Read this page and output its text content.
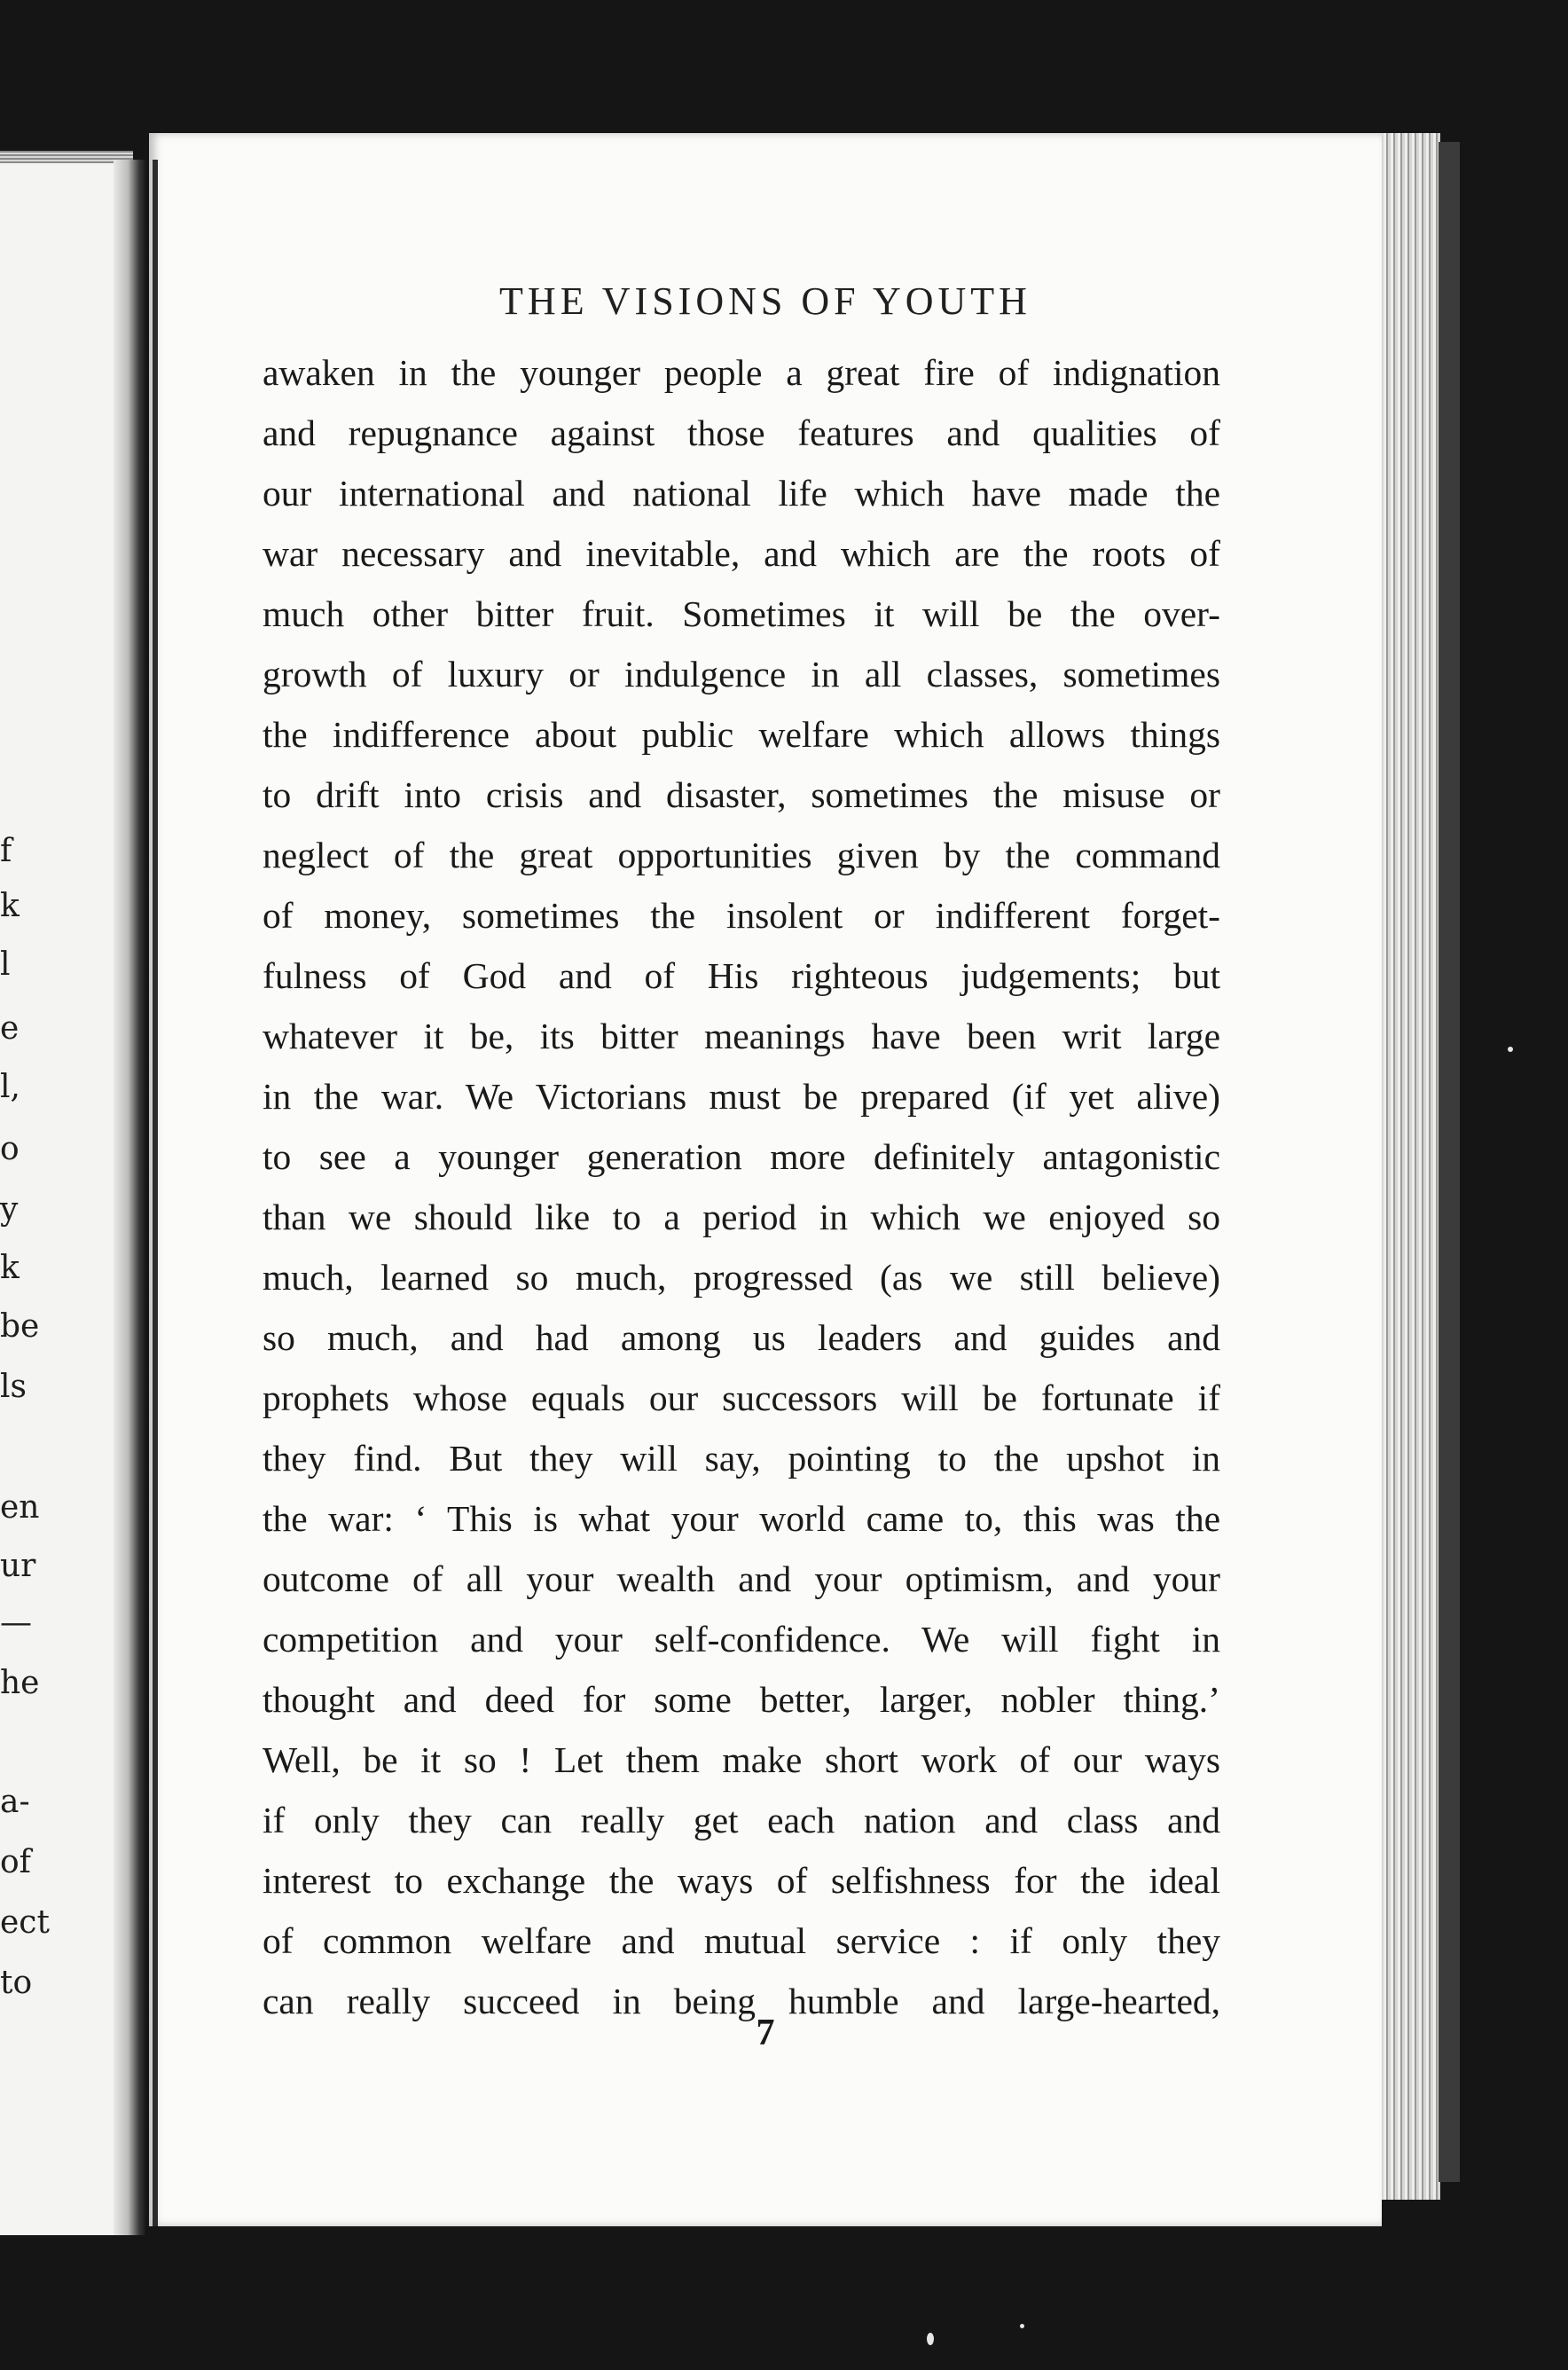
f
k
l
e
l,
o
y
k
be
ls
en
ur
—
he
a-
of
ect
to
THE VISIONS OF YOUTH
awaken in the younger people a great fire of indignation
and repugnance against those features and qualities of
our international and national life which have made the
war necessary and inevitable, and which are the roots of
much other bitter fruit. Sometimes it will be the over-
growth of luxury or indulgence in all classes, sometimes
the indifference about public welfare which allows things
to drift into crisis and disaster, sometimes the misuse or
neglect of the great opportunities given by the command
of money, sometimes the insolent or indifferent forget-
fulness of God and of His righteous judgements; but
whatever it be, its bitter meanings have been writ large
in the war. We Victorians must be prepared (if yet alive)
to see a younger generation more definitely antagonistic
than we should like to a period in which we enjoyed so
much, learned so much, progressed (as we still believe)
so much, and had among us leaders and guides and
prophets whose equals our successors will be fortunate if
they find. But they will say, pointing to the upshot in
the war: ‘ This is what your world came to, this was the
outcome of all your wealth and your optimism, and your
competition and your self-confidence. We will fight in
thought and deed for some better, larger, nobler thing.’
Well, be it so ! Let them make short work of our ways
if only they can really get each nation and class and
interest to exchange the ways of selfishness for the ideal
of common welfare and mutual service : if only they
can really succeed in being humble and large-hearted,
7
